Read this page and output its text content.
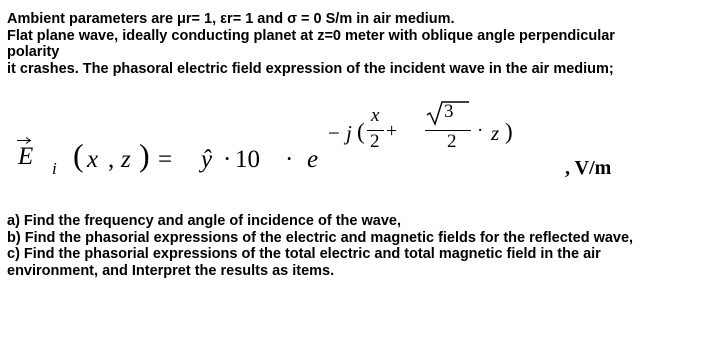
Ambient parameters are μr= 1, εr= 1 and σ = 0 S/m in air medium.
Flat plane wave, ideally conducting planet at z=0 meter with oblique angle perpendicular
polarity
it crashes. The phasoral electric field expression of the incident wave in the air medium;
E i ( x , z ) = ŷ · 10 · e
− j (
x
2 +
3
2
· z )
, V/m
a) Find the frequency and angle of incidence of the wave,
b) Find the phasorial expressions of the electric and magnetic fields for the reflected wave,
c) Find the phasorial expressions of the total electric and total magnetic field in the air
environment, and Interpret the results as items.
